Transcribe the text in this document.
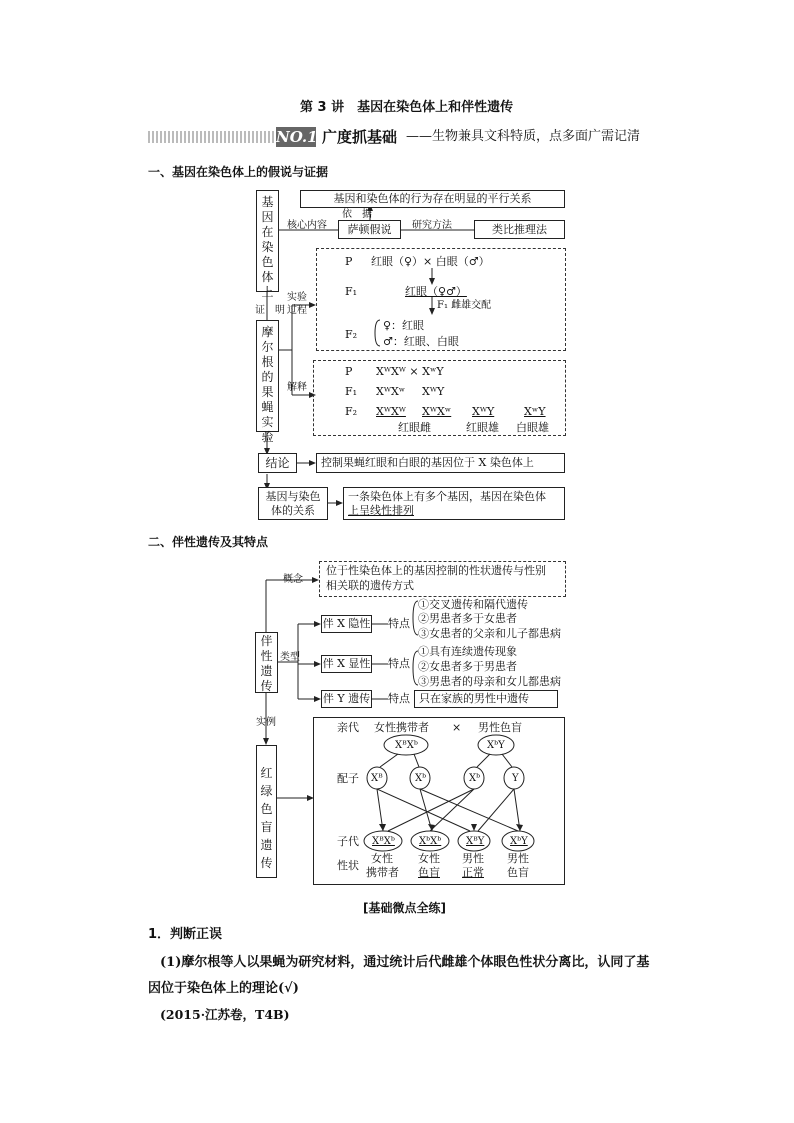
第 3 讲　基因在染色体上和伴性遗传
NO.1 广度抓基础 ——生物兼具文科特质，点多面广需记清
一、基因在染色体上的假说与证据
基因在染色体上
证　明
摩尔根的果蝇实验
基因和染色体的行为存在明显的平行关系
依　据
核心内容	萨顿假说	研究方法	类比推理法
实验过程
P 红眼（♀）× 白眼（♂）
F₁	红眼（♀♂）
F₁ 雌雄交配
F₂
♀：红眼
♂：红眼、白眼
解释
P XᵂXᵂ × XʷY
F₁ XᵂXʷ XᵂY
F₂ XᵂXᵂ XᵂXʷ XᵂY	XʷY
红眼雌	红眼雄 白眼雄
结论	控制果蝇红眼和白眼的基因位于 X 染色体上
基因与染色体的关系
一条染色体上有多个基因，基因在染色体
上呈线性排列
二、伴性遗传及其特点
伴性遗传
概念
位于性染色体上的基因控制的性状遗传与性别
相关联的遗传方式
类型
伴 X 隐性
伴 X 显性
伴 Y 遗传
特点
特点
特点
①交叉遗传和隔代遗传
②男患者多于女患者
③女患者的父亲和儿子都患病
①具有连续遗传现象
②女患者多于男患者
③男患者的母亲和女儿都患病
只在家族的男性中遗传
实例
红绿色盲遗传
亲代 女性携带者 × 男性色盲
XᴮXᵇ	XᵇY
配子 Xᴮ	Xᵇ	Xᵇ	Y
子代 XᴮXᵇ XᵇXᵇ XᴮY	XᵇY
性状
女性
携带者
女性
色盲
男性
正常
男性
色盲
[基础微点全练]
1．判断正误
(1)摩尔根等人以果蝇为研究材料，通过统计后代雌雄个体眼色性状分离比，认同了基
因位于染色体上的理论(√)
(2015·江苏卷，T4B)
